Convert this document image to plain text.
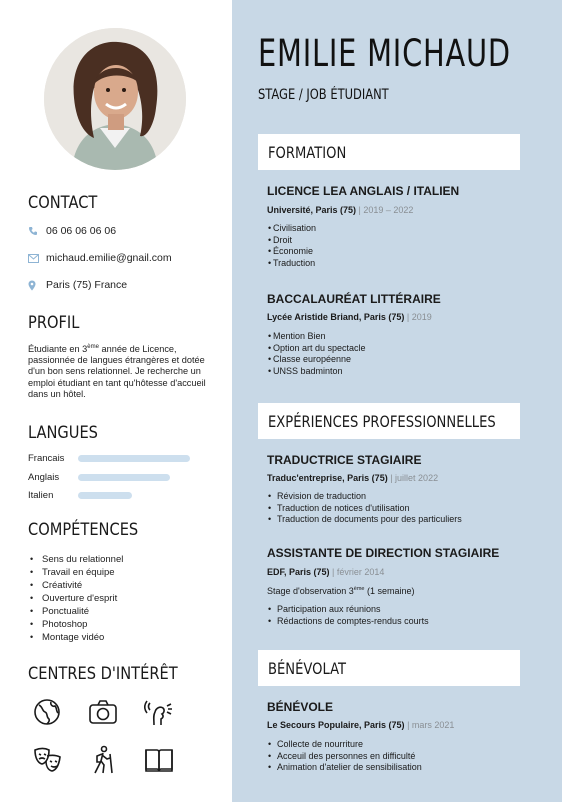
CONTACT
06 06 06 06 06
michaud.emilie@gnail.com
Paris (75) France
PROFIL
Étudiante en 3ème année de Licence, passionnée de langues étrangères et dotée d'un bon sens relationnel. Je recherche un emploi étudiant en tant qu'hôtesse d'accueil dans un hôtel.
LANGUES
Francais
Anglais
Italien
COMPÉTENCES
• Sens du relationnel
• Travail en équipe
• Créativité
• Ouverture d'esprit
• Ponctualité
• Photoshop
• Montage vidéo
CENTRES D'INTÉRÊT
EMILIE MICHAUD
STAGE / JOB ÉTUDIANT
FORMATION
LICENCE LEA ANGLAIS / ITALIEN
Université, Paris (75) | 2019 – 2022
• Civilisation
• Droit
• Économie
• Traduction
BACCALAURÉAT LITTÉRAIRE
Lycée Aristide Briand, Paris (75) | 2019
• Mention Bien
• Option art du spectacle
• Classe européenne
• UNSS badminton
EXPÉRIENCES PROFESSIONNELLES
TRADUCTRICE STAGIAIRE
Traduc'entreprise, Paris (75) | juillet 2022
• Révision de traduction
• Traduction de notices d'utilisation
• Traduction de documents pour des particuliers
ASSISTANTE DE DIRECTION STAGIAIRE
EDF, Paris (75) | février 2014
Stage d'observation 3ème (1 semaine)
• Participation aux réunions
• Rédactions de comptes-rendus courts
BÉNÉVOLAT
BÉNÉVOLE
Le Secours Populaire, Paris (75) | mars 2021
• Collecte de nourriture
• Acceuil des personnes en difficulté
• Animation d'atelier de sensibilisation
